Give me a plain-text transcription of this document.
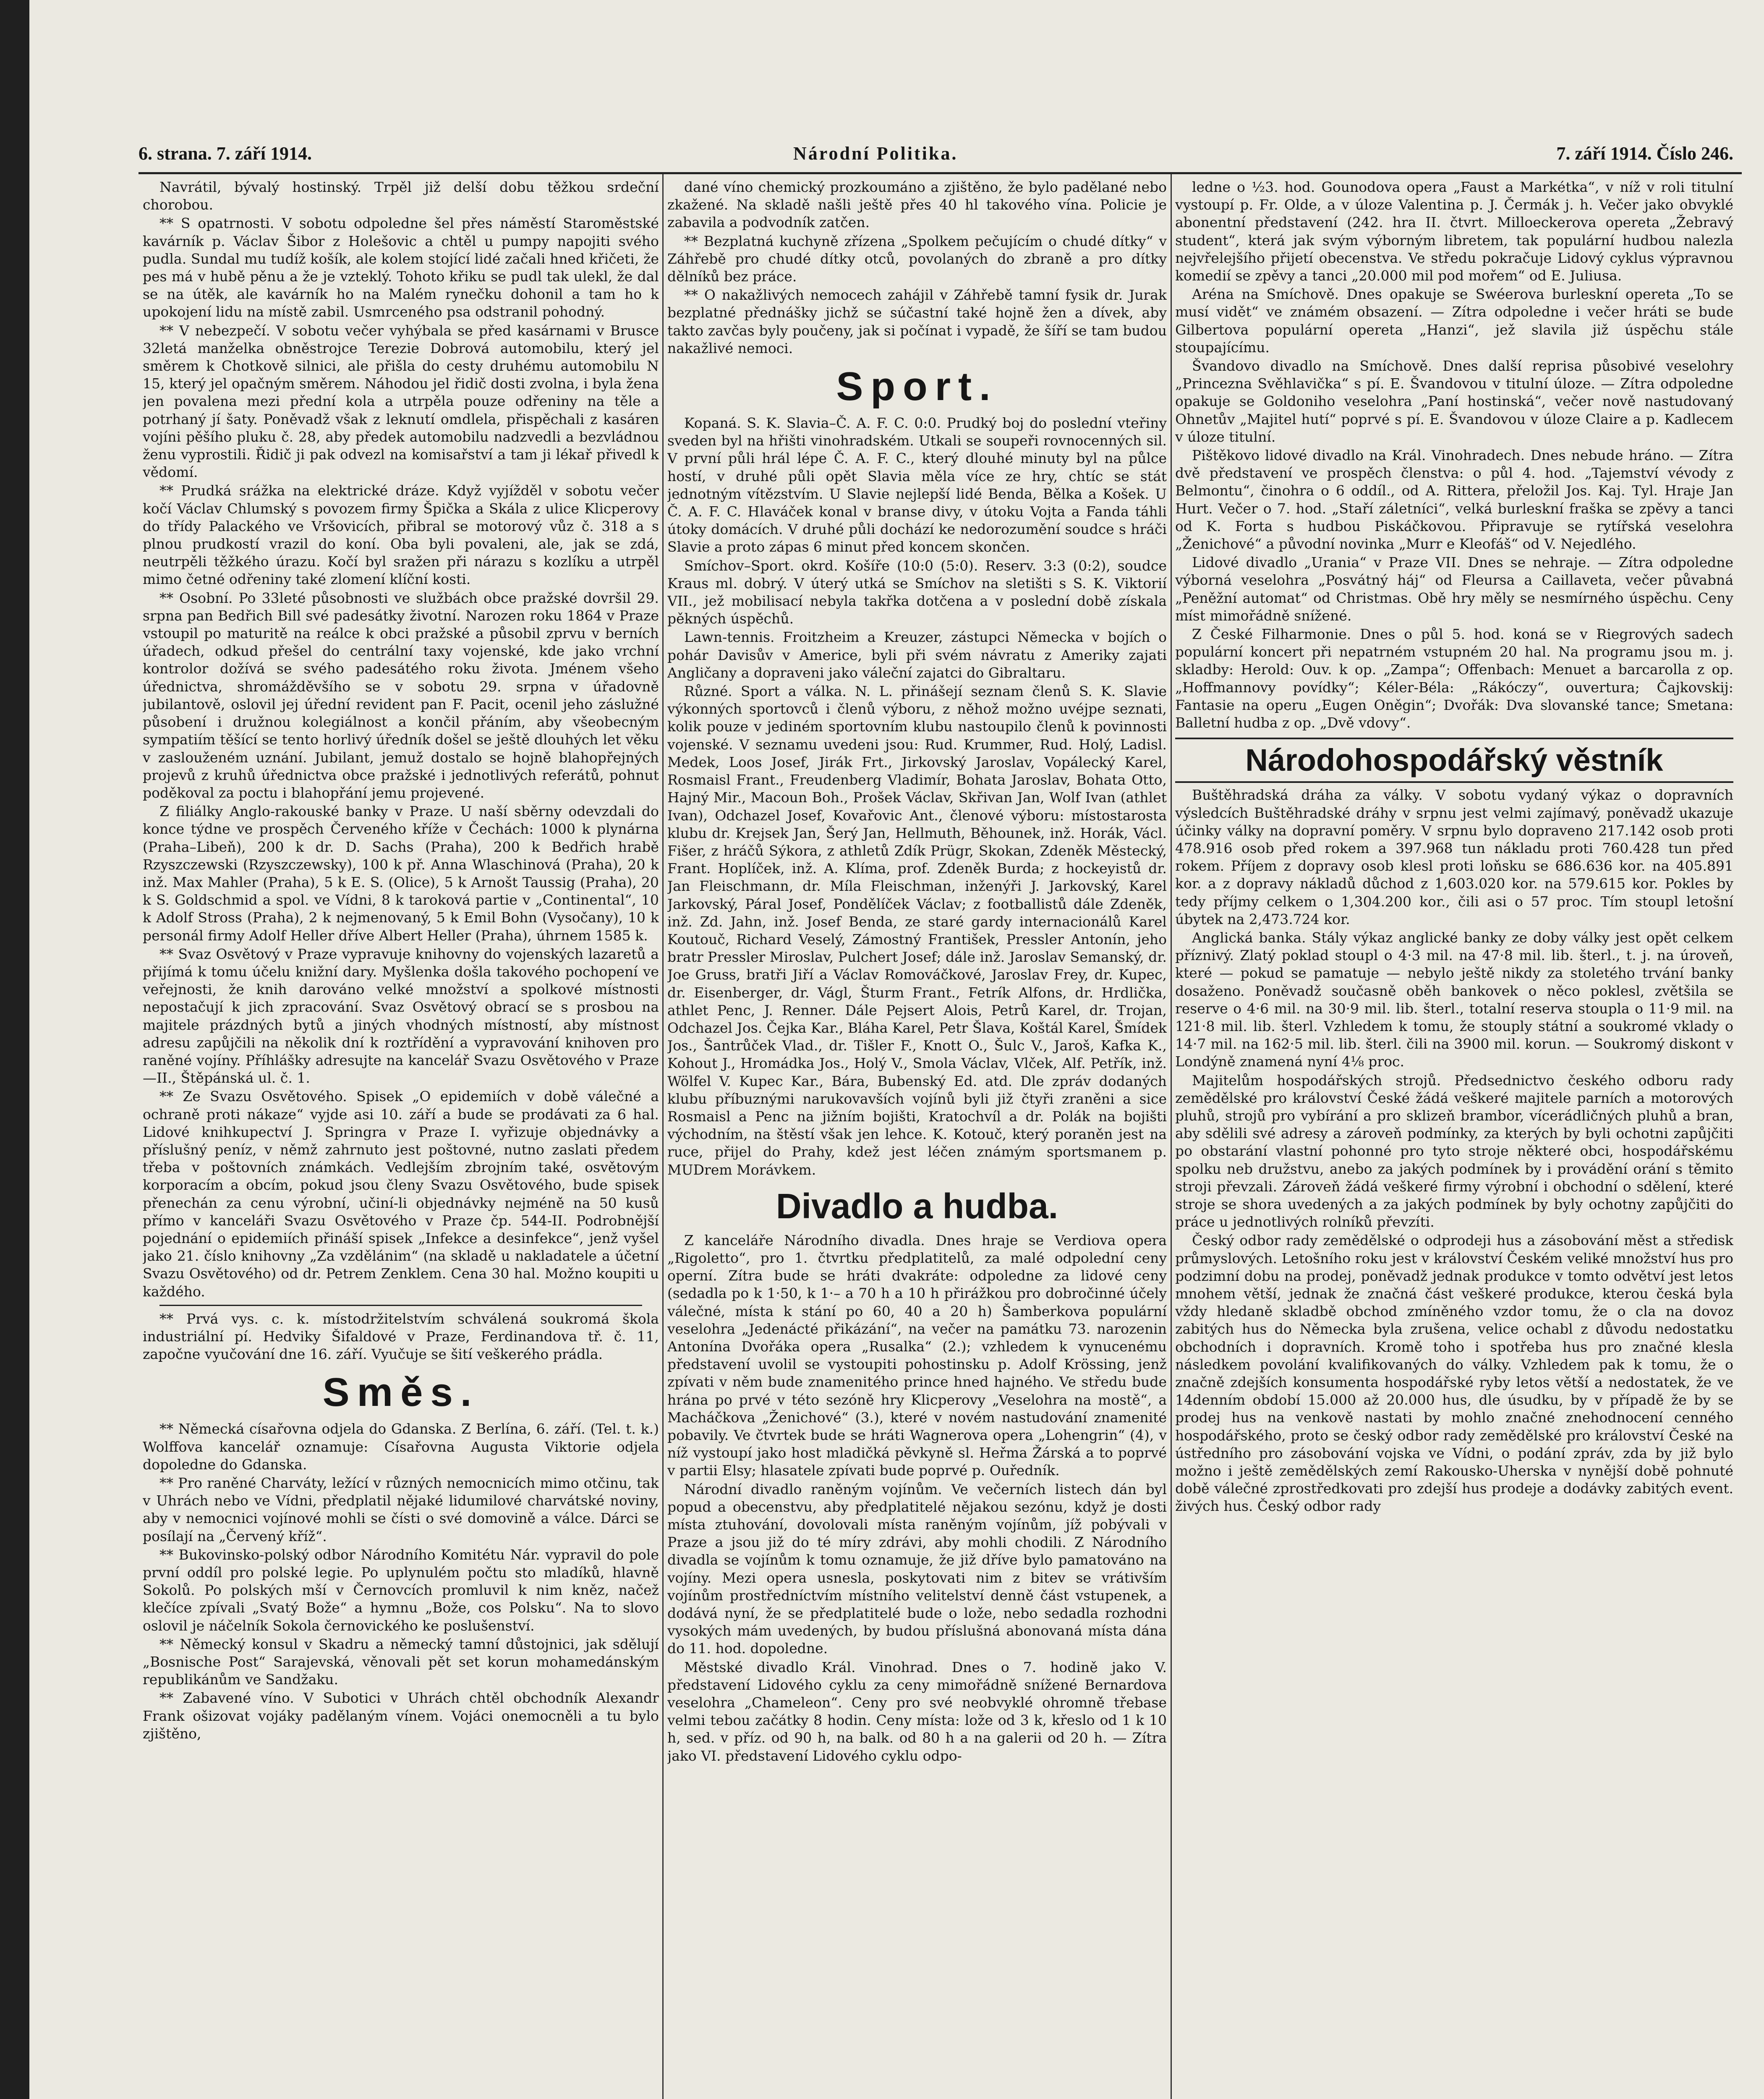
6. strana. 7. září 1914.	Národní Politika.	7. září 1914. Číslo 246.

Navrátil, bývalý hostinský. Trpěl již delší dobu těžkou srdeční chorobou.

** S opatrnosti. V sobotu odpoledne šel přes náměstí Staroměstské kavárník p. Václav Šibor z Holešovic a chtěl u pumpy napojiti svého pudla. Sundal mu tudíž košík, ale kolem stojící lidé začali hned křičeti, že pes má v hubě pěnu a že je vzteklý. Tohoto křiku se pudl tak ulekl, že dal se na útěk, ale kavárník ho na Malém rynečku dohonil a tam ho k upokojení lidu na místě zabil. Usmrceného psa odstranil pohodný.

** V nebezpečí. V sobotu večer vyhýbala se před kasárnami v Brusce 32letá manželka obněstrojce Terezie Dobrová automobilu, který jel směrem k Chotkově silnici, ale přišla do cesty druhému automobilu N 15, který jel opačným směrem. Náhodou jel řidič dosti zvolna, i byla žena jen povalena mezi přední kola a utrpěla pouze odřeniny na těle a potrhaný jí šaty. Poněvadž však z leknutí omdlela, přispěchali z kasáren vojíni pěšího pluku č. 28, aby předek automobilu nadzvedli a bezvládnou ženu vyprostili. Řidič ji pak odvezl na komisařství a tam ji lékař přivedl k vědomí.

** Prudká srážka na elektrické dráze. Když vyjížděl v sobotu večer kočí Václav Chlumský s povozem firmy Špička a Skála z ulice Klicperovy do třídy Palackého ve Vršovicích, přibral se motorový vůz č. 318 a s plnou prudkostí vrazil do koní. Oba byli povaleni, ale, jak se zdá, neutrpěli těžkého úrazu. Kočí byl sražen při nárazu s kozlíku a utrpěl mimo četné odřeniny také zlomení klíční kosti.

** Osobní. Po 33leté působnosti ve službách obce pražské dovršil 29. srpna pan Bedřich Bill své padesátky životní. Narozen roku 1864 v Praze vstoupil po maturitě na reálce k obci pražské a působil zprvu v berních úřadech, odkud přešel do centrální taxy vojenské, kde jako vrchní kontrolor dožívá se svého padesátého roku života. Jménem všeho úřednictva, shromážděvšího se v sobotu 29. srpna v úřadovně jubilantově, oslovil jej úřední revident pan F. Pacit, ocenil jeho záslužné působení i družnou kolegiálnost a končil přáním, aby všeobecným sympatiím těšící se tento horlivý úředník došel se ještě dlouhých let věku v zaslouženém uznání. Jubilant, jemuž dostalo se hojně blahopřejných projevů z kruhů úřednictva obce pražské i jednotlivých referátů, pohnut poděkoval za poctu i blahopřání jemu projevené.

Z filiálky Anglo-rakouské banky v Praze. U naší sběrny odevzdali do konce týdne ve prospěch Červeného kříže v Čechách: 1000 k plynárna (Praha–Libeň), 200 k dr. D. Sachs (Praha), 200 k Bedřich hrabě Rzyszczewski (Rzyszczewsky), 100 k př. Anna Wlaschinová (Praha), 20 k inž. Max Mahler (Praha), 5 k E. S. (Olice), 5 k Arnošt Taussig (Praha), 20 k S. Goldschmid a spol. ve Vídni, 8 k taroková partie v „Continental“, 10 k Adolf Stross (Praha), 2 k nejmenovaný, 5 k Emil Bohn (Vysočany), 10 k personál firmy Adolf Heller dříve Albert Heller (Praha), úhrnem 1585 k.

** Svaz Osvětový v Praze vypravuje knihovny do vojenských lazaretů a přijímá k tomu účelu knižní dary. Myšlenka došla takového pochopení ve veřejnosti, že knih darováno velké množství a spolkové místnosti nepostačují k jich zpracování. Svaz Osvětový obrací se s prosbou na majitele prázdných bytů a jiných vhodných místností, aby místnost adresu zapůjčili na několik dní k roztřídění a vypravování knihoven pro raněné vojíny. Příhlášky adresujte na kancelář Svazu Osvětového v Praze—II., Štěpánská ul. č. 1.

** Ze Svazu Osvětového. Spisek „O epidemiích v době válečné a ochraně proti nákaze“ vyjde asi 10. září a bude se prodávati za 6 hal. Lidové knihkupectví J. Springra v Praze I. vyřizuje objednávky a příslušný peníz, v němž zahrnuto jest poštovné, nutno zaslati předem třeba v poštovních známkách. Vedlejším zbrojním také, osvětovým korporacím a obcím, pokud jsou členy Svazu Osvětového, bude spisek přenechán za cenu výrobní, učiní-li objednávky nejméně na 50 kusů přímo v kanceláři Svazu Osvětového v Praze čp. 544-II. Podrobnější pojednání o epidemiích přináší spisek „Infekce a desinfekce“, jenž vyšel jako 21. číslo knihovny „Za vzdělánim“ (na skladě u nakladatele a účetní Svazu Osvětového) od dr. Petrem Zenklem. Cena 30 hal. Možno koupiti u každého.

** Prvá vys. c. k. místodržitelstvím schválená soukromá škola industriální pí. Hedviky Šifaldové v Praze, Ferdinandova tř. č. 11, započne vyučování dne 16. září. Vyučuje se šití veškerého prádla.

Směs.

** Německá císařovna odjela do Gdanska. Z Berlína, 6. září. (Tel. t. k.) Wolffova kancelář oznamuje: Císařovna Augusta Viktorie odjela dopoledne do Gdanska.

** Pro raněné Charváty, ležící v různých nemocnicích mimo otčinu, tak v Uhrách nebo ve Vídni, předplatil nějaké lidumilové charvátské noviny, aby v nemocnici vojínové mohli se čísti o své domovině a válce. Dárci se posílají na „Červený kříž“.

** Bukovinsko-polský odbor Národního Komitétu Nár. vypravil do pole první oddíl pro polské legie. Po uplynulém počtu sto mladíků, hlavně Sokolů. Po polských mší v Černovcích promluvil k nim kněz, načež klečíce zpívali „Svatý Bože“ a hymnu „Bože, cos Polsku“. Na to slovo oslovil je náčelník Sokola černovického ke poslušenství.

** Německý konsul v Skadru a německý tamní důstojnici, jak sdělují „Bosnische Post“ Sarajevská, věnovali pět set korun mohamedánským republikánům ve Sandžaku.

** Zabavené víno. V Subotici v Uhrách chtěl obchodník Alexandr Frank ošizovat vojáky padělaným vínem. Vojáci onemocněli a tu bylo zjištěno,

dané víno chemický prozkoumáno a zjištěno, že bylo padělané nebo zkažené. Na skladě našli ještě přes 40 hl takového vína. Policie je zabavila a podvodník zatčen.

** Bezplatná kuchyně zřízena „Spolkem pečujícím o chudé dítky“ v Záhřebě pro chudé dítky otců, povolaných do zbraně a pro dítky dělníků bez práce.

** O nakažlivých nemocech zahájil v Záhřebě tamní fysik dr. Jurak bezplatné přednášky jichž se súčastní také hojně žen a dívek, aby takto zavčas byly poučeny, jak si počínat i vypadě, že šíří se tam budou nakažlivé nemoci.

Sport.

Kopaná. S. K. Slavia–Č. A. F. C. 0:0. Prudký boj do poslední vteřiny sveden byl na hřišti vinohradském. Utkali se soupeři rovnocenných sil. V první půli hrál lépe Č. A. F. C., který dlouhé minuty byl na půlce hostí, v druhé půli opět Slavia měla více ze hry, chtíc se stát jednotným vítězstvím. U Slavie nejlepší lidé Benda, Bělka a Košek. U Č. A. F. C. Hlaváček konal v branse divy, v útoku Vojta a Fanda táhli útoky domácích. V druhé půli dochází ke nedorozumění soudce s hráči Slavie a proto zápas 6 minut před koncem skončen.

Smíchov–Sport. okrd. Košíře (10:0 (5:0). Reserv. 3:3 (0:2), soudce Kraus ml. dobrý. V úterý utká se Smíchov na sletišti s S. K. Viktorií VII., jež mobilisací nebyla takřka dotčena a v poslední době získala pěkných úspěchů.

Lawn-tennis. Froitzheim a Kreuzer, zástupci Německa v bojích o pohár Davisův v Americe, byli při svém návratu z Ameriky zajati Angličany a dopraveni jako váleční zajatci do Gibraltaru.

Různé. Sport a válka. N. L. přinášejí seznam členů S. K. Slavie výkonných sportovců i členů výboru, z něhož možno uvéjpe seznati, kolik pouze v jediném sportovním klubu nastoupilo členů k povinnosti vojenské. V seznamu uvedeni jsou: Rud. Krummer, Rud. Holý, Ladisl. Medek, Loos Josef, Jirák Frt., Jirkovský Jaroslav, Vopálecký Karel, Rosmaisl Frant., Freudenberg Vladimír, Bohata Jaroslav, Bohata Otto, Hajný Mir., Macoun Boh., Prošek Václav, Skřivan Jan, Wolf Ivan (athlet Ivan), Odchazel Josef, Kovařovic Ant., členové výboru: místostarosta klubu dr. Krejsek Jan, Šerý Jan, Hellmuth, Běhounek, inž. Horák, Václ. Fišer, z hráčů Sýkora, z athletů Zdík Prügr, Skokan, Zdeněk Městecký, Frant. Hoplíček, inž. A. Klíma, prof. Zdeněk Burda; z hockeyistů dr. Jan Fleischmann, dr. Míla Fleischman, inženýři J. Jarkovský, Karel Jarkovský, Páral Josef, Pondělíček Václav; z footballistů dále Zdeněk, inž. Zd. Jahn, inž. Josef Benda, ze staré gardy internacionálů Karel Koutouč, Richard Veselý, Zámostný František, Pressler Antonín, jeho bratr Pressler Miroslav, Pulchert Josef; dále inž. Jaroslav Semanský, dr. Joe Gruss, bratři Jiří a Václav Romováčkové, Jaroslav Frey, dr. Kupec, dr. Eisenberger, dr. Vágl, Šturm Frant., Fetrík Alfons, dr. Hrdlička, athlet Penc, J. Renner. Dále Pejsert Alois, Petrů Karel, dr. Trojan, Odchazel Jos. Čejka Kar., Bláha Karel, Petr Šlava, Koštál Karel, Šmídek Jos., Šantrůček Vlad., dr. Tišler F., Knott O., Šulc V., Jaroš, Kafka K., Kohout J., Hromádka Jos., Holý V., Smola Václav, Vlček, Alf. Petřík, inž. Wölfel V. Kupec Kar., Bára, Bubenský Ed. atd. Dle zpráv dodaných klubu příbuznými narukovavších vojínů byli již čtyři zraněni a sice Rosmaisl a Penc na jižním bojišti, Kratochvíl a dr. Polák na bojišti východním, na štěstí však jen lehce. K. Kotouč, který poraněn jest na ruce, přijel do Prahy, kdež jest léčen známým sportsmanem p. MUDrem Morávkem.

Divadlo a hudba.

Z kanceláře Národního divadla. Dnes hraje se Verdiova opera „Rigoletto“, pro 1. čtvrtku předplatitelů, za malé odpolední ceny operní. Zítra bude se hráti dvakráte: odpoledne za lidové ceny (sedadla po k 1·50, k 1·– a 70 h a 10 h přirážkou pro dobročinné účely válečné, místa k stání po 60, 40 a 20 h) Šamberkova populární veselohra „Jedenácté přikázání“, na večer na památku 73. narozenin Antonína Dvořáka opera „Rusalka“ (2.); vzhledem k vynucenému představení uvolil se vystoupiti pohostinsku p. Adolf Krössing, jenž zpívati v něm bude znamenitého prince hned hajného. Ve středu bude hrána po prvé v této sezóně hry Klicperovy „Veselohra na mostě“, a Macháčkova „Ženichové“ (3.), které v novém nastudování znamenité pobavily. Ve čtvrtek bude se hráti Wagnerova opera „Lohengrin“ (4), v níž vystoupí jako host mladičká pěvkyně sl. Heřma Žárská a to poprvé v partii Elsy; hlasatele zpívati bude poprvé p. Ouředník.

Národní divadlo raněným vojínům. Ve večerních listech dán byl popud a obecenstvu, aby předplatitelé nějakou sezónu, když je dosti místa ztuhování, dovolovali místa raněným vojínům, jíž pobývali v Praze a jsou již do té míry zdrávi, aby mohli chodili. Z Národního divadla se vojínům k tomu oznamuje, že již dříve bylo pamatováno na vojíny. Mezi opera usnesla, poskytovati nim z bitev se vrátivším vojínům prostředníctvím místního velitelství denně část vstupenek, a dodává nyní, že se předplatitelé bude o lože, nebo sedadla rozhodni vysokých mám uvedených, by budou příslušná abonovaná místa dána do 11. hod. dopoledne.

Městské divadlo Král. Vinohrad. Dnes o 7. hodině jako V. představení Lidového cyklu za ceny mimořádně snížené Bernardova veselohra „Chameleon“. Ceny pro své neobvyklé ohromně třebase velmi tebou začátky 8 hodin. Ceny místa: lože od 3 k, křeslo od 1 k 10 h, sed. v příz. od 90 h, na balk. od 80 h a na galerii od 20 h. — Zítra jako VI. představení Lidového cyklu odpo-

ledne o ½3. hod. Gounodova opera „Faust a Markétka“, v níž v roli titulní vystoupí p. Fr. Olde, a v úloze Valentina p. J. Čermák j. h. Večer jako obvyklé abonentní představení (242. hra II. čtvrt. Milloeckerova opereta „Žebravý student“, která jak svým výborným libretem, tak populární hudbou nalezla nejvřelejšího přijetí obecenstva. Ve středu pokračuje Lidový cyklus výpravnou komedií se zpěvy a tanci „20.000 mil pod mořem“ od E. Juliusa.

Aréna na Smíchově. Dnes opakuje se Swéerova burleskní opereta „To se musí vidět“ ve známém obsazení. — Zítra odpoledne i večer hráti se bude Gilbertova populární opereta „Hanzi“, jež slavila již úspěchu stále stoupajícímu.

Švandovo divadlo na Smíchově. Dnes další reprisa působivé veselohry „Princezna Svěhlavička“ s pí. E. Švandovou v titulní úloze. — Zítra odpoledne opakuje se Goldoniho veselohra „Paní hostinská“, večer nově nastudovaný Ohnetův „Majitel hutí“ poprvé s pí. E. Švandovou v úloze Claire a p. Kadlecem v úloze titulní.

Pištěkovo lidové divadlo na Král. Vinohradech. Dnes nebude hráno. — Zítra dvě představení ve prospěch členstva: o půl 4. hod. „Tajemství vévody z Belmontu“, činohra o 6 oddíl., od A. Rittera, přeložil Jos. Kaj. Tyl. Hraje Jan Hurt. Večer o 7. hod. „Staří záletníci“, velká burleskní fraška se zpěvy a tanci od K. Forta s hudbou Piskáčkovou. Připravuje se rytířská veselohra „Ženichové“ a původní novinka „Murr e Kleofáš“ od V. Nejedlého.

Lidové divadlo „Urania“ v Praze VII. Dnes se nehraje. — Zítra odpoledne výborná veselohra „Posvátný háj“ od Fleursa a Caillaveta, večer půvabná „Peněžní automat“ od Christmas. Obě hry měly se nesmírného úspěchu. Ceny míst mimořádně snížené.

Z České Filharmonie. Dnes o půl 5. hod. koná se v Riegrových sadech populární koncert při nepatrném vstupném 20 hal. Na programu jsou m. j. skladby: Herold: Ouv. k op. „Zampa“; Offenbach: Menuet a barcarolla z op. „Hoffmannovy povídky“; Kéler-Béla: „Rákóczy“, ouvertura; Čajkovskij: Fantasie na operu „Eugen Oněgin“; Dvořák: Dva slovanské tance; Smetana: Balletní hudba z op. „Dvě vdovy“.

Národohospodářský věstník

Buštěhradská dráha za války. V sobotu vydaný výkaz o dopravních výsledcích Buštěhradské dráhy v srpnu jest velmi zajímavý, poněvadž ukazuje účinky války na dopravní poměry. V srpnu bylo dopraveno 217.142 osob proti 478.916 osob před rokem a 397.968 tun nákladu proti 760.428 tun před rokem. Příjem z dopravy osob klesl proti loňsku se 686.636 kor. na 405.891 kor. a z dopravy nákladů důchod z 1,603.020 kor. na 579.615 kor. Pokles by tedy příjmy celkem o 1,304.200 kor., čili asi o 57 proc. Tím stoupl letošní úbytek na 2,473.724 kor.

Anglická banka. Stály výkaz anglické banky ze doby války jest opět celkem příznivý. Zlatý poklad stoupl o 4·3 mil. na 47·8 mil. lib. šterl., t. j. na úroveň, které — pokud se pamatuje — nebylo ještě nikdy za stoletého trvání banky dosaženo. Poněvadž současně oběh bankovek o něco poklesl, zvětšila se reserve o 4·6 mil. na 30·9 mil. lib. šterl., totalní reserva stoupla o 11·9 mil. na 121·8 mil. lib. šterl. Vzhledem k tomu, že stouply státní a soukromé vklady o 14·7 mil. na 162·5 mil. lib. šterl. čili na 3900 mil. korun. — Soukromý diskont v Londýně znamená nyní 4⅛ proc.

Majitelům hospodářských strojů. Předsednictvo českého odboru rady zemědělské pro království České žádá veškeré majitele parních a motorových pluhů, strojů pro vybírání a pro sklizeň brambor, vícerádličných pluhů a bran, aby sdělili své adresy a zároveň podmínky, za kterých by byli ochotni zapůjčiti po obstarání vlastní pohonné pro tyto stroje některé obci, hospodářskému spolku neb družstvu, anebo za jakých podmínek by i provádění orání s těmito stroji převzali. Zároveň žádá veškeré firmy výrobní i obchodní o sdělení, které stroje se shora uvedených a za jakých podmínek by byly ochotny zapůjčiti do práce u jednotlivých rolníků převzíti.

Český odbor rady zemědělské o odprodeji hus a zásobování měst a středisk průmyslových. Letošního roku jest v království Českém veliké množství hus pro podzimní dobu na prodej, poněvadž jednak produkce v tomto odvětví jest letos mnohem větší, jednak že značná část veškeré produkce, kterou česká byla vždy hledaně skladbě obchod zmíněného vzdor tomu, že o cla na dovoz zabitých hus do Německa byla zrušena, velice ochabl z důvodu nedostatku obchodních i dopravních. Kromě toho i spotřeba hus pro značné klesla následkem povolání kvalifikovaných do války. Vzhledem pak k tomu, že o značně zdejších konsumenta hospodářské ryby letos větší a nedostatek, že ve 14denním období 15.000 až 20.000 hus, dle úsudku, by v případě že by se prodej hus na venkově nastati by mohlo značné znehodnocení cenného hospodářského, proto se český odbor rady zemědělské pro království České na ústředního pro zásobování vojska ve Vídni, o podání zpráv, zda by již bylo možno i ještě zemědělských zemí Rakousko-Uherska v nynější době pohnuté době válečné zprostředkovati pro zdejší hus prodeje a dodávky zabitých event. živých hus. Český odbor rady
